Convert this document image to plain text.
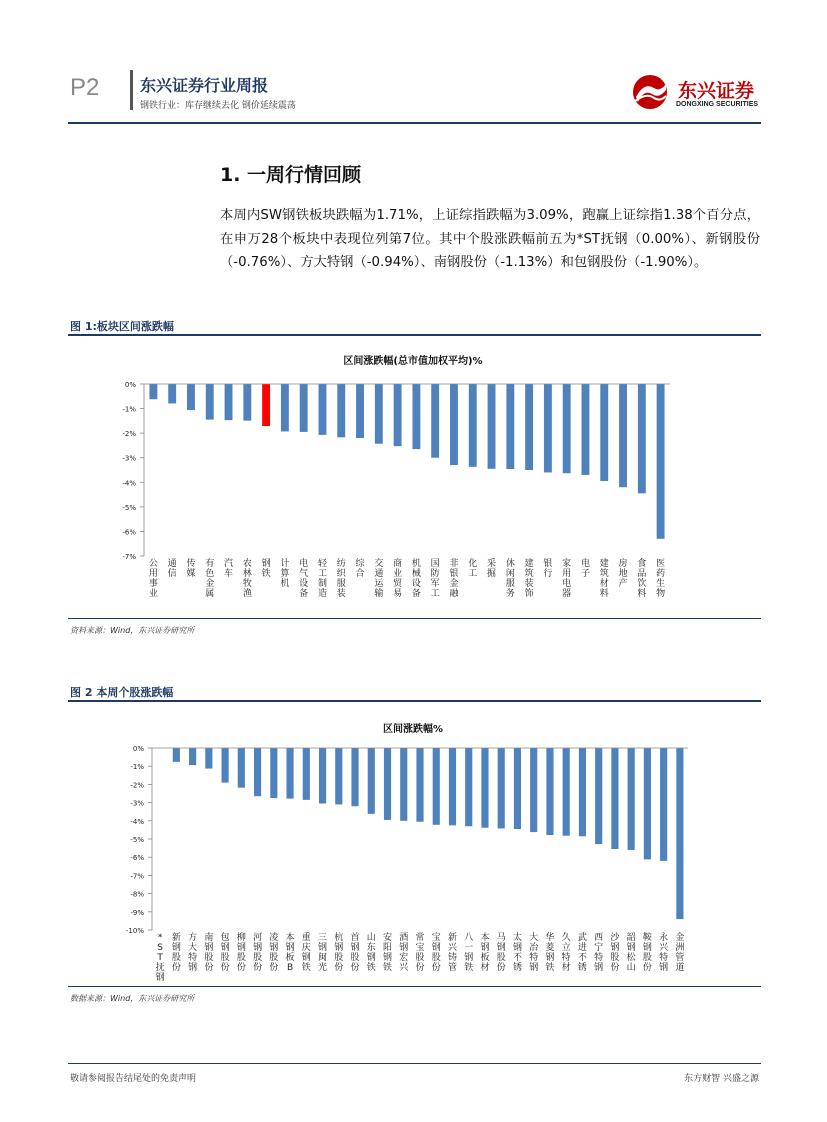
P2	东兴证券行业周报
钢铁行业：库存继续去化 钢价延续震荡
东兴证券
DONGXING SECURITIES
1. 一周行情回顾
本周内SW钢铁板块跌幅为1.71%，上证综指跌幅为3.09%，跑赢上证综指1.38个百分点，在申万28个板块中表现位列第7位。其中个股涨跌幅前五为*ST抚钢（0.00%）、新钢股份（-0.76%）、方大特钢（-0.94%）、南钢股份（-1.13%）和包钢股份（-1.90%）。
图 1:板块区间涨跌幅
区间涨跌幅(总市值加权平均)%
0%
-1%
-2%
-3%
-4%
-5%
-6%
-7%
公用事业
通信
传媒
有色金属
汽车
农林牧渔
钢铁
计算机
电气设备
轻工制造
纺织服装
综合
交通运输
商业贸易
机械设备
国防军工
非银金融
化工
采掘
休闲服务
建筑装饰
银行
家用电器
电子
建筑材料
房地产
食品饮料
医药生物
资料来源：Wind，东兴证券研究所
图 2 本周个股涨跌幅
区间涨跌幅%
0%
-1%
-2%
-3%
-4%
-5%
-6%
-7%
-8%
-9%
-10%
* S T 抚钢
新钢股份
方大特钢
南钢股份
包钢股份
柳钢股份
河钢股份
凌钢股份
本钢板 B
重庆钢铁
三钢闽光
杭钢股份
首钢股份
山东钢铁
安阳钢铁
酒钢宏兴
常宝股份
宝钢股份
新兴铸管
八一钢铁
本钢板材
马钢股份
太钢不锈
大冶特钢
华菱钢铁
久立特材
武进不锈
西宁特钢
沙钢股份
韶钢松山
鞍钢股份
永兴特钢
金洲管道
数据来源：Wind，东兴证券研究所
敬请参阅报告结尾处的免责声明	东方财智 兴盛之源
